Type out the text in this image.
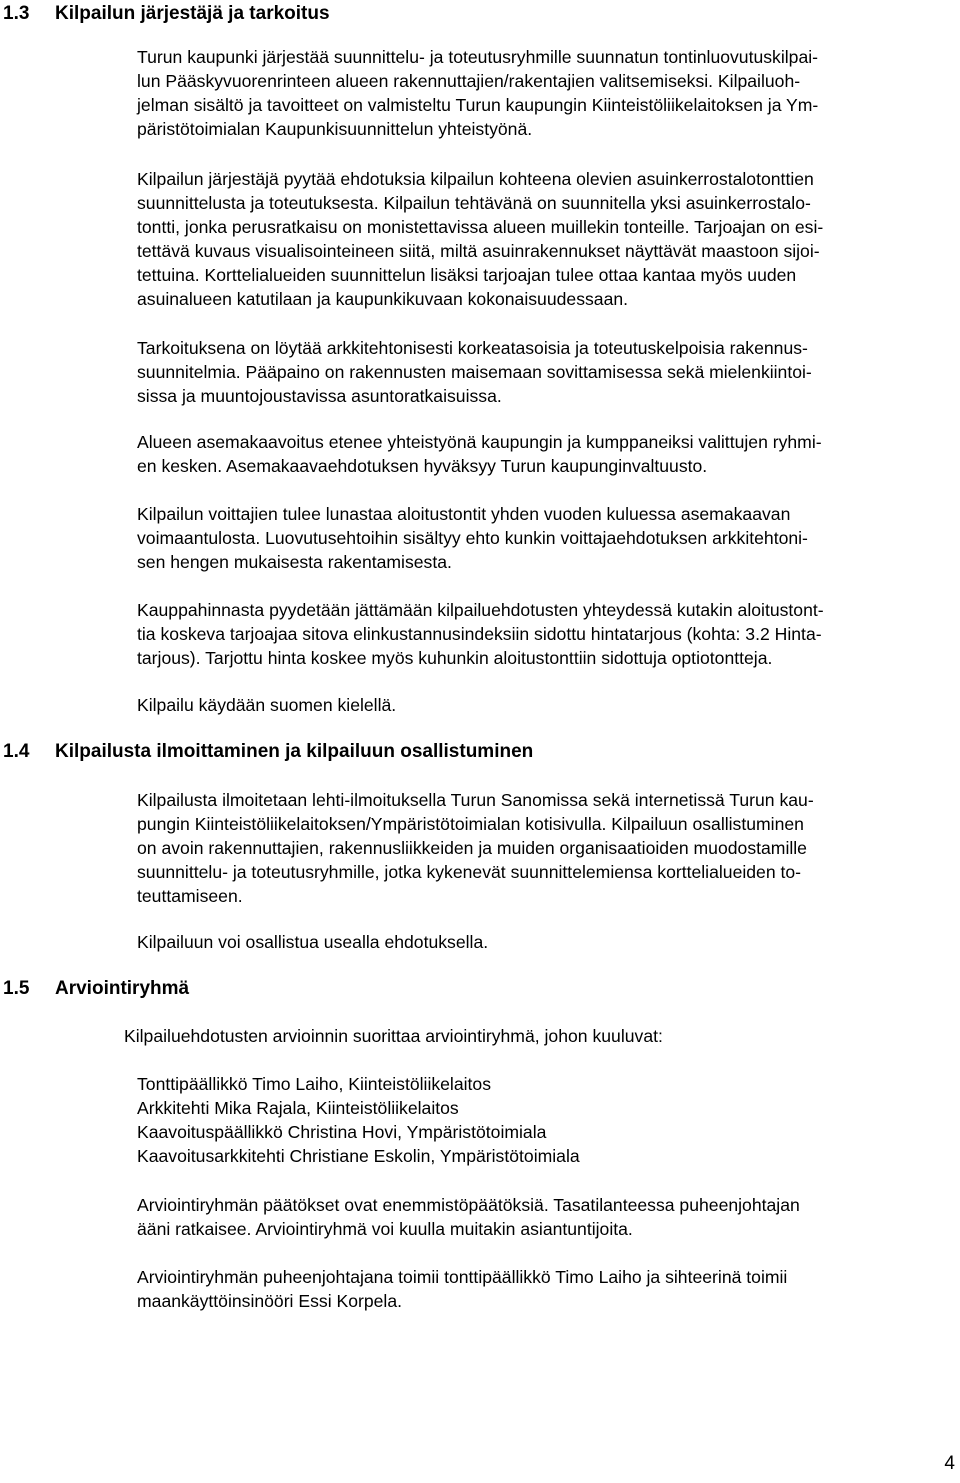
1.3 Kilpailun järjestäjä ja tarkoitus
Turun kaupunki järjestää suunnittelu- ja toteutusryhmille suunnatun tontinluovutuskilpai-
lun Pääskyvuorenrinteen alueen rakennuttajien/rakentajien valitsemiseksi. Kilpailuoh-
jelman sisältö ja tavoitteet on valmisteltu Turun kaupungin Kiinteistöliikelaitoksen ja Ym-
päristötoimialan Kaupunkisuunnittelun yhteistyönä.
Kilpailun järjestäjä pyytää ehdotuksia kilpailun kohteena olevien asuinkerrostalotonttien
suunnittelusta ja toteutuksesta. Kilpailun tehtävänä on suunnitella yksi asuinkerrostalo-
tontti, jonka perusratkaisu on monistettavissa alueen muillekin tonteille. Tarjoajan on esi-
tettävä kuvaus visualisointeineen siitä, miltä asuinrakennukset näyttävät maastoon sijoi-
tettuina. Korttelialueiden suunnittelun lisäksi tarjoajan tulee ottaa kantaa myös uuden
asuinalueen katutilaan ja kaupunkikuvaan kokonaisuudessaan.
Tarkoituksena on löytää arkkitehtonisesti korkeatasoisia ja toteutuskelpoisia rakennus-
suunnitelmia. Pääpaino on rakennusten maisemaan sovittamisessa sekä mielenkiintoi-
sissa ja muuntojoustavissa asuntoratkaisuissa.
Alueen asemakaavoitus etenee yhteistyönä kaupungin ja kumppaneiksi valittujen ryhmi-
en kesken. Asemakaavaehdotuksen hyväksyy Turun kaupunginvaltuusto.
Kilpailun voittajien tulee lunastaa aloitustontit yhden vuoden kuluessa asemakaavan
voimaantulosta. Luovutusehtoihin sisältyy ehto kunkin voittajaehdotuksen arkkitehtoni-
sen hengen mukaisesta rakentamisesta.
Kauppahinnasta pyydetään jättämään kilpailuehdotusten yhteydessä kutakin aloitustont-
tia koskeva tarjoajaa sitova elinkustannusindeksiin sidottu hintatarjous (kohta: 3.2 Hinta-
tarjous). Tarjottu hinta koskee myös kuhunkin aloitustonttiin sidottuja optiotontteja.
Kilpailu käydään suomen kielellä.
1.4 Kilpailusta ilmoittaminen ja kilpailuun osallistuminen
Kilpailusta ilmoitetaan lehti-ilmoituksella Turun Sanomissa sekä internetissä Turun kau-
pungin Kiinteistöliikelaitoksen/Ympäristötoimialan kotisivulla. Kilpailuun osallistuminen
on avoin rakennuttajien, rakennusliikkeiden ja muiden organisaatioiden muodostamille
suunnittelu- ja toteutusryhmille, jotka kykenevät suunnittelemiensa korttelialueiden to-
teuttamiseen.
Kilpailuun voi osallistua usealla ehdotuksella.
1.5 Arviointiryhmä
Kilpailuehdotusten arvioinnin suorittaa arviointiryhmä, johon kuuluvat:
Tonttipäällikkö Timo Laiho, Kiinteistöliikelaitos
Arkkitehti Mika Rajala, Kiinteistöliikelaitos
Kaavoituspäällikkö Christina Hovi, Ympäristötoimiala
Kaavoitusarkkitehti Christiane Eskolin, Ympäristötoimiala
Arviointiryhmän päätökset ovat enemmistöpäätöksiä. Tasatilanteessa puheenjohtajan
ääni ratkaisee. Arviointiryhmä voi kuulla muitakin asiantuntijoita.
Arviointiryhmän puheenjohtajana toimii tonttipäällikkö Timo Laiho ja sihteerinä toimii
maankäyttöinsinööri Essi Korpela.
4
